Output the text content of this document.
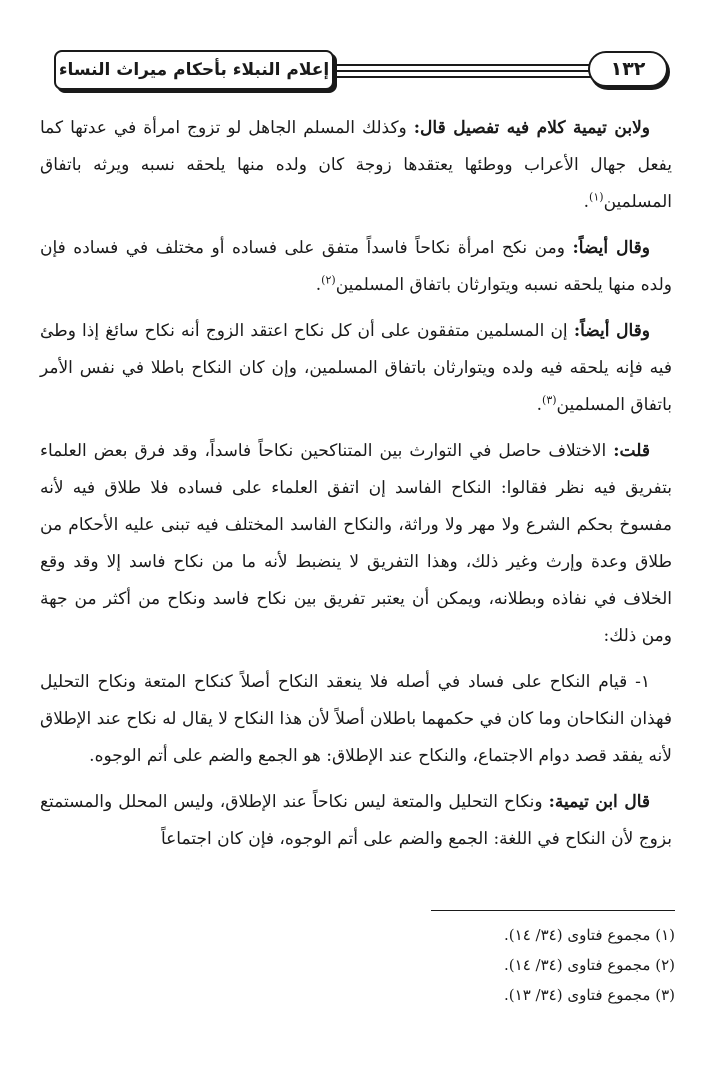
إعلام النبلاء بأحكام ميراث النساء	١٣٢

ولابن تيمية كلام فيه تفصيل قال: وكذلك المسلم الجاهل لو تزوج امرأة في عدتها كما يفعل جهال الأعراب ووطئها يعتقدها زوجة كان ولده منها يلحقه نسبه ويرثه باتفاق المسلمين$^{(١)}$.

وقال أيضاً: ومن نكح امرأة نكاحاً فاسداً متفق على فساده أو مختلف في فساده فإن ولده منها يلحقه نسبه ويتوارثان باتفاق المسلمين$^{(٢)}$.

وقال أيضاً: إن المسلمين متفقون على أن كل نكاح اعتقد الزوج أنه نكاح سائغ إذا وطئ فيه فإنه يلحقه فيه ولده ويتوارثان باتفاق المسلمين، وإن كان النكاح باطلا في نفس الأمر باتفاق المسلمين$^{(٣)}$.

قلت: الاختلاف حاصل في التوارث بين المتناكحين نكاحاً فاسداً، وقد فرق بعض العلماء بتفريق فيه نظر فقالوا: النكاح الفاسد إن اتفق العلماء على فساده فلا طلاق فيه لأنه مفسوخ بحكم الشرع ولا مهر ولا وراثة، والنكاح الفاسد المختلف فيه تبنى عليه الأحكام من طلاق وعدة وإرث وغير ذلك، وهذا التفريق لا ينضبط لأنه ما من نكاح فاسد إلا وقد وقع الخلاف في نفاذه وبطلانه، ويمكن أن يعتبر تفريق بين نكاح فاسد ونكاح من أكثر من جهة ومن ذلك:

١- قيام النكاح على فساد في أصله فلا ينعقد النكاح أصلاً كنكاح المتعة ونكاح التحليل فهذان النكاحان وما كان في حكمهما باطلان أصلاً لأن هذا النكاح لا يقال له نكاح عند الإطلاق لأنه يفقد قصد دوام الاجتماع، والنكاح عند الإطلاق: هو الجمع والضم على أتم الوجوه.

قال ابن تيمية: ونكاح التحليل والمتعة ليس نكاحاً عند الإطلاق، وليس المحلل والمستمتع بزوج لأن النكاح في اللغة: الجمع والضم على أتم الوجوه، فإن كان اجتماعاً

(١) مجموع فتاوى (٣٤/ ١٤).

(٢) مجموع فتاوى (٣٤/ ١٤).

(٣) مجموع فتاوى (٣٤/ ١٣).
